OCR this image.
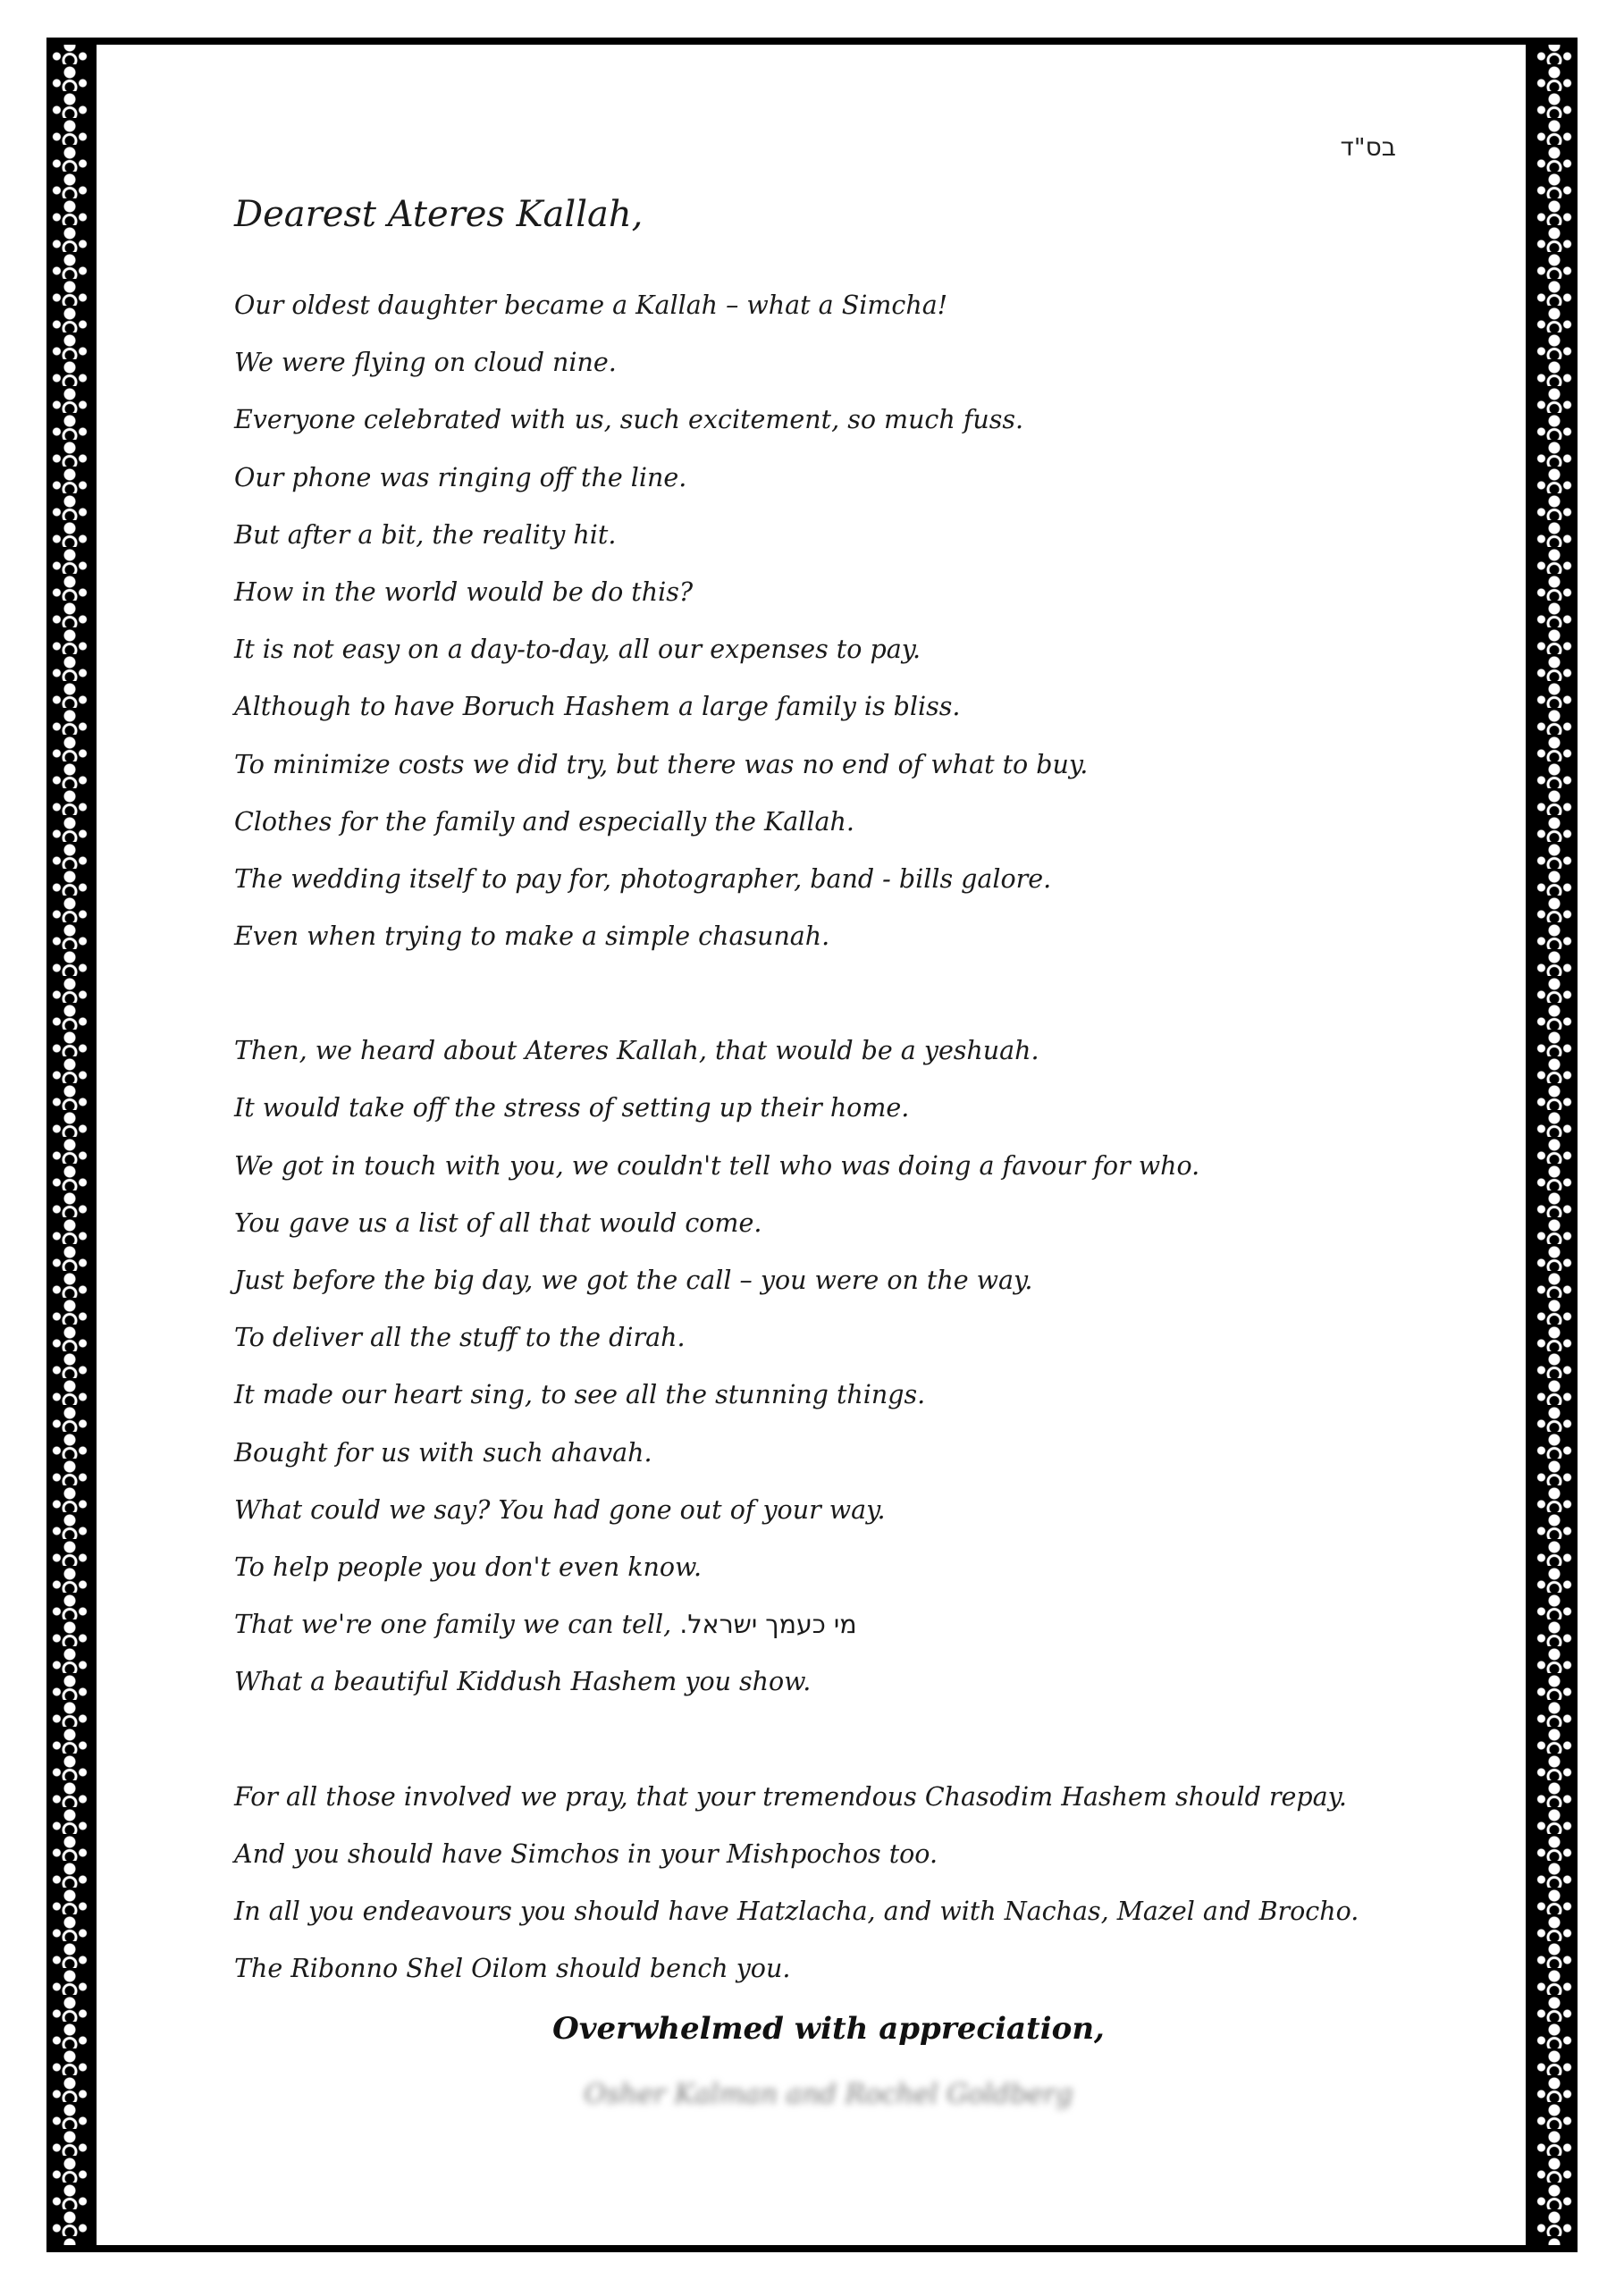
בס"ד
Dearest Ateres Kallah,
Our oldest daughter became a Kallah – what a Simcha!
We were flying on cloud nine.
Everyone celebrated with us, such excitement, so much fuss.
Our phone was ringing off the line.
But after a bit, the reality hit.
How in the world would be do this?
It is not easy on a day-to-day, all our expenses to pay.
Although to have Boruch Hashem a large family is bliss.
To minimize costs we did try, but there was no end of what to buy.
Clothes for the family and especially the Kallah.
The wedding itself to pay for, photographer, band - bills galore.
Even when trying to make a simple chasunah.
Then, we heard about Ateres Kallah, that would be a yeshuah.
It would take off the stress of setting up their home.
We got in touch with you, we couldn't tell who was doing a favour for who.
You gave us a list of all that would come.
Just before the big day, we got the call – you were on the way.
To deliver all the stuff to the dirah.
It made our heart sing, to see all the stunning things.
Bought for us with such ahavah.
What could we say? You had gone out of your way.
To help people you don't even know.
That we're one family we can tell, מי כעמך ישראל.
What a beautiful Kiddush Hashem you show.
For all those involved we pray, that your tremendous Chasodim Hashem should repay.
And you should have Simchos in your Mishpochos too.
In all you endeavours you should have Hatzlacha, and with Nachas, Mazel and Brocho.
The Ribonno Shel Oilom should bench you.
Overwhelmed with appreciation,
Osher Kalman and Rochel Goldberg
